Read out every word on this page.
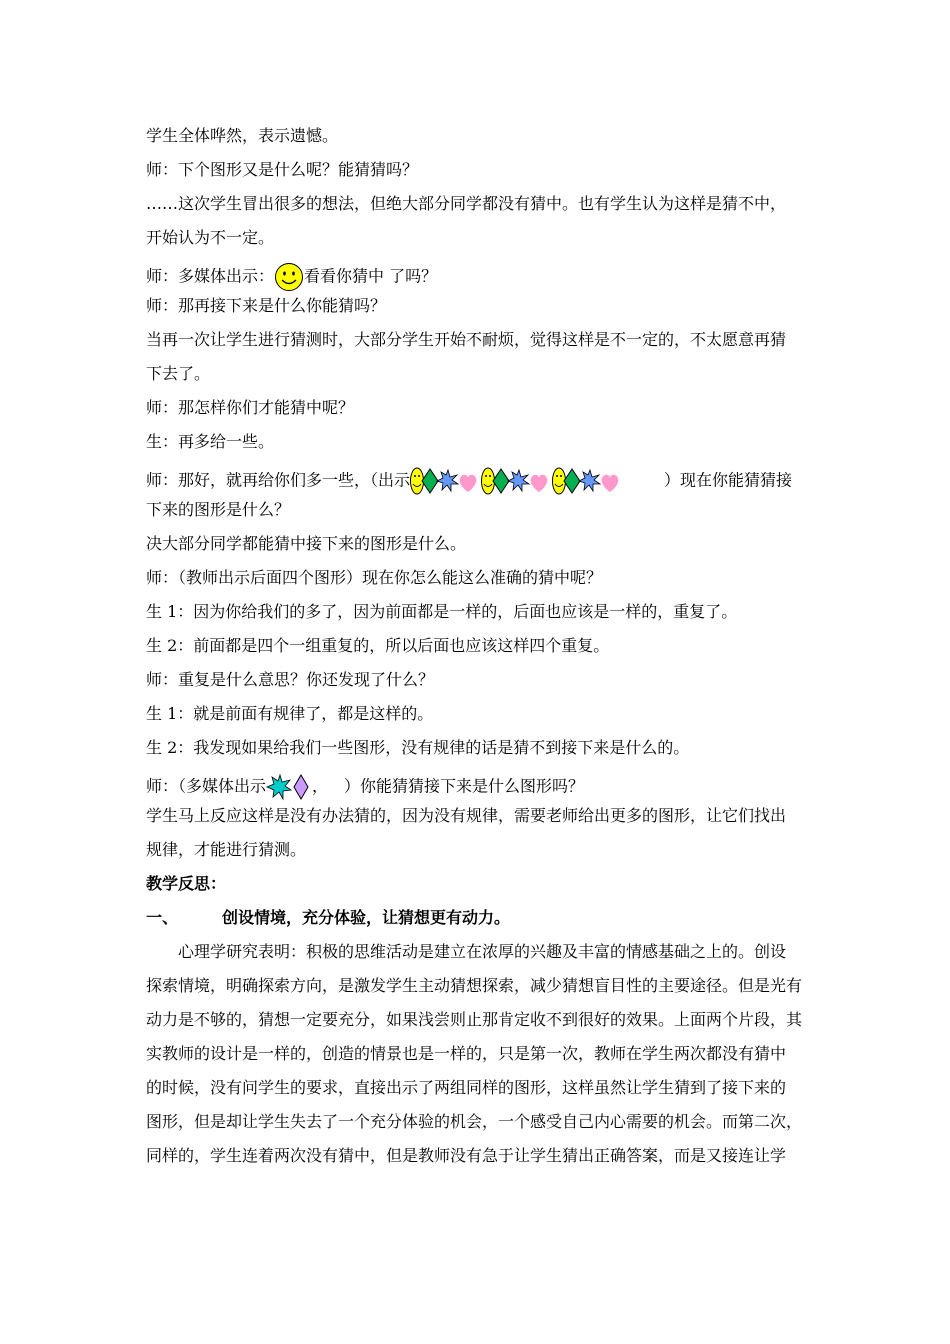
学生全体哗然，表示遗憾。
师：下个图形又是什么呢？能猜猜吗？
……这次学生冒出很多的想法，但绝大部分同学都没有猜中。也有学生认为这样是猜不中，
开始认为不一定。
师：多媒体出示： 看看你猜中 了吗？
师：那再接下来是什么你能猜吗？
当再一次让学生进行猜测时，大部分学生开始不耐烦，觉得这样是不一定的，不太愿意再猜
下去了。
师：那怎样你们才能猜中呢？
生：再多给一些。
师：那好，就再给你们多一些，（出示	）现在你能猜猜接
下来的图形是什么？
决大部分同学都能猜中接下来的图形是什么。
师：（教师出示后面四个图形）现在你怎么能这么准确的猜中呢？
生 1：因为你给我们的多了，因为前面都是一样的，后面也应该是一样的，重复了。
生 2：前面都是四个一组重复的，所以后面也应该这样四个重复。
师：重复是什么意思？你还发现了什么？
生 1：就是前面有规律了，都是这样的。
生 2：我发现如果给我们一些图形，没有规律的话是猜不到接下来是什么的。
师：（多媒体出示	， ）你能猜猜接下来是什么图形吗？
学生马上反应这样是没有办法猜的，因为没有规律，需要老师给出更多的图形，让它们找出
规律，才能进行猜测。
教学反思：
一、	创设情境，充分体验，让猜想更有动力。
心理学研究表明：积极的思维活动是建立在浓厚的兴趣及丰富的情感基础之上的。创设
探索情境，明确探索方向，是激发学生主动猜想探索，减少猜想盲目性的主要途径。但是光有
动力是不够的，猜想一定要充分，如果浅尝则止那肯定收不到很好的效果。上面两个片段，其
实教师的设计是一样的，创造的情景也是一样的，只是第一次，教师在学生两次都没有猜中
的时候，没有问学生的要求，直接出示了两组同样的图形，这样虽然让学生猜到了接下来的
图形，但是却让学生失去了一个充分体验的机会，一个感受自己内心需要的机会。而第二次，
同样的，学生连着两次没有猜中，但是教师没有急于让学生猜出正确答案，而是又接连让学
